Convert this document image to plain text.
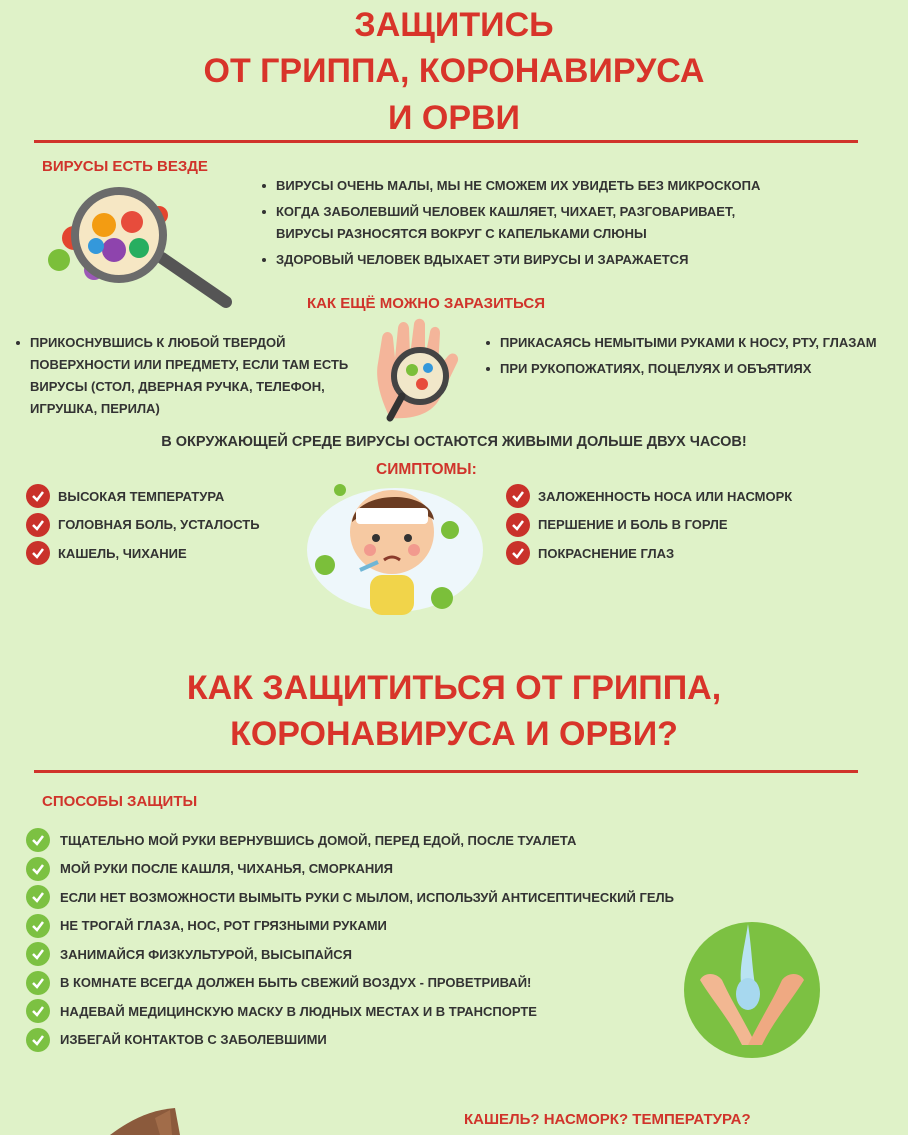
ЗАЩИТИСЬ
ОТ ГРИППА, КОРОНАВИРУСА
И ОРВИ
ВИРУСЫ ЕСТЬ ВЕЗДЕ
ВИРУСЫ ОЧЕНЬ МАЛЫ, МЫ НЕ СМОЖЕМ ИХ УВИДЕТЬ БЕЗ МИКРОСКОПА
КОГДА ЗАБОЛЕВШИЙ ЧЕЛОВЕК КАШЛЯЕТ, ЧИХАЕТ, РАЗГОВАРИВАЕТ, ВИРУСЫ РАЗНОСЯТСЯ ВОКРУГ С КАПЕЛЬКАМИ СЛЮНЫ
ЗДОРОВЫЙ ЧЕЛОВЕК ВДЫХАЕТ ЭТИ ВИРУСЫ И ЗАРАЖАЕТСЯ
КАК ЕЩЁ МОЖНО ЗАРАЗИТЬСЯ
ПРИКОСНУВШИСЬ К ЛЮБОЙ ТВЕРДОЙ ПОВЕРХНОСТИ ИЛИ ПРЕДМЕТУ, ЕСЛИ ТАМ ЕСТЬ ВИРУСЫ (СТОЛ, ДВЕРНАЯ РУЧКА, ТЕЛЕФОН, ИГРУШКА, ПЕРИЛА)
ПРИКАСАЯСЬ НЕМЫТЫМИ РУКАМИ К НОСУ, РТУ, ГЛАЗАМ
ПРИ РУКОПОЖАТИЯХ, ПОЦЕЛУЯХ И ОБЪЯТИЯХ
В ОКРУЖАЮЩЕЙ СРЕДЕ ВИРУСЫ ОСТАЮТСЯ ЖИВЫМИ ДОЛЬШЕ ДВУХ ЧАСОВ!
СИМПТОМЫ:
ВЫСОКАЯ ТЕМПЕРАТУРА
ГОЛОВНАЯ БОЛЬ, УСТАЛОСТЬ
КАШЕЛЬ, ЧИХАНИЕ
ЗАЛОЖЕННОСТЬ НОСА ИЛИ НАСМОРК
ПЕРШЕНИЕ И БОЛЬ В ГОРЛЕ
ПОКРАСНЕНИЕ ГЛАЗ
КАК ЗАЩИТИТЬСЯ ОТ ГРИППА,
КОРОНАВИРУСА И ОРВИ?
СПОСОБЫ ЗАЩИТЫ
ТЩАТЕЛЬНО МОЙ РУКИ ВЕРНУВШИСЬ ДОМОЙ, ПЕРЕД ЕДОЙ, ПОСЛЕ ТУАЛЕТА
МОЙ РУКИ ПОСЛЕ КАШЛЯ, ЧИХАНЬЯ, СМОРКАНИЯ
ЕСЛИ НЕТ ВОЗМОЖНОСТИ ВЫМЫТЬ РУКИ С МЫЛОМ, ИСПОЛЬЗУЙ АНТИСЕПТИЧЕСКИЙ ГЕЛЬ
НЕ ТРОГАЙ ГЛАЗА, НОС, РОТ ГРЯЗНЫМИ РУКАМИ
ЗАНИМАЙСЯ ФИЗКУЛЬТУРОЙ, ВЫСЫПАЙСЯ
В КОМНАТЕ ВСЕГДА ДОЛЖЕН БЫТЬ СВЕЖИЙ ВОЗДУХ - ПРОВЕТРИВАЙ!
НАДЕВАЙ МЕДИЦИНСКУЮ МАСКУ В ЛЮДНЫХ МЕСТАХ И В ТРАНСПОРТЕ
ИЗБЕГАЙ КОНТАКТОВ С ЗАБОЛЕВШИМИ
КАШЕЛЬ? НАСМОРК? ТЕМПЕРАТУРА?
